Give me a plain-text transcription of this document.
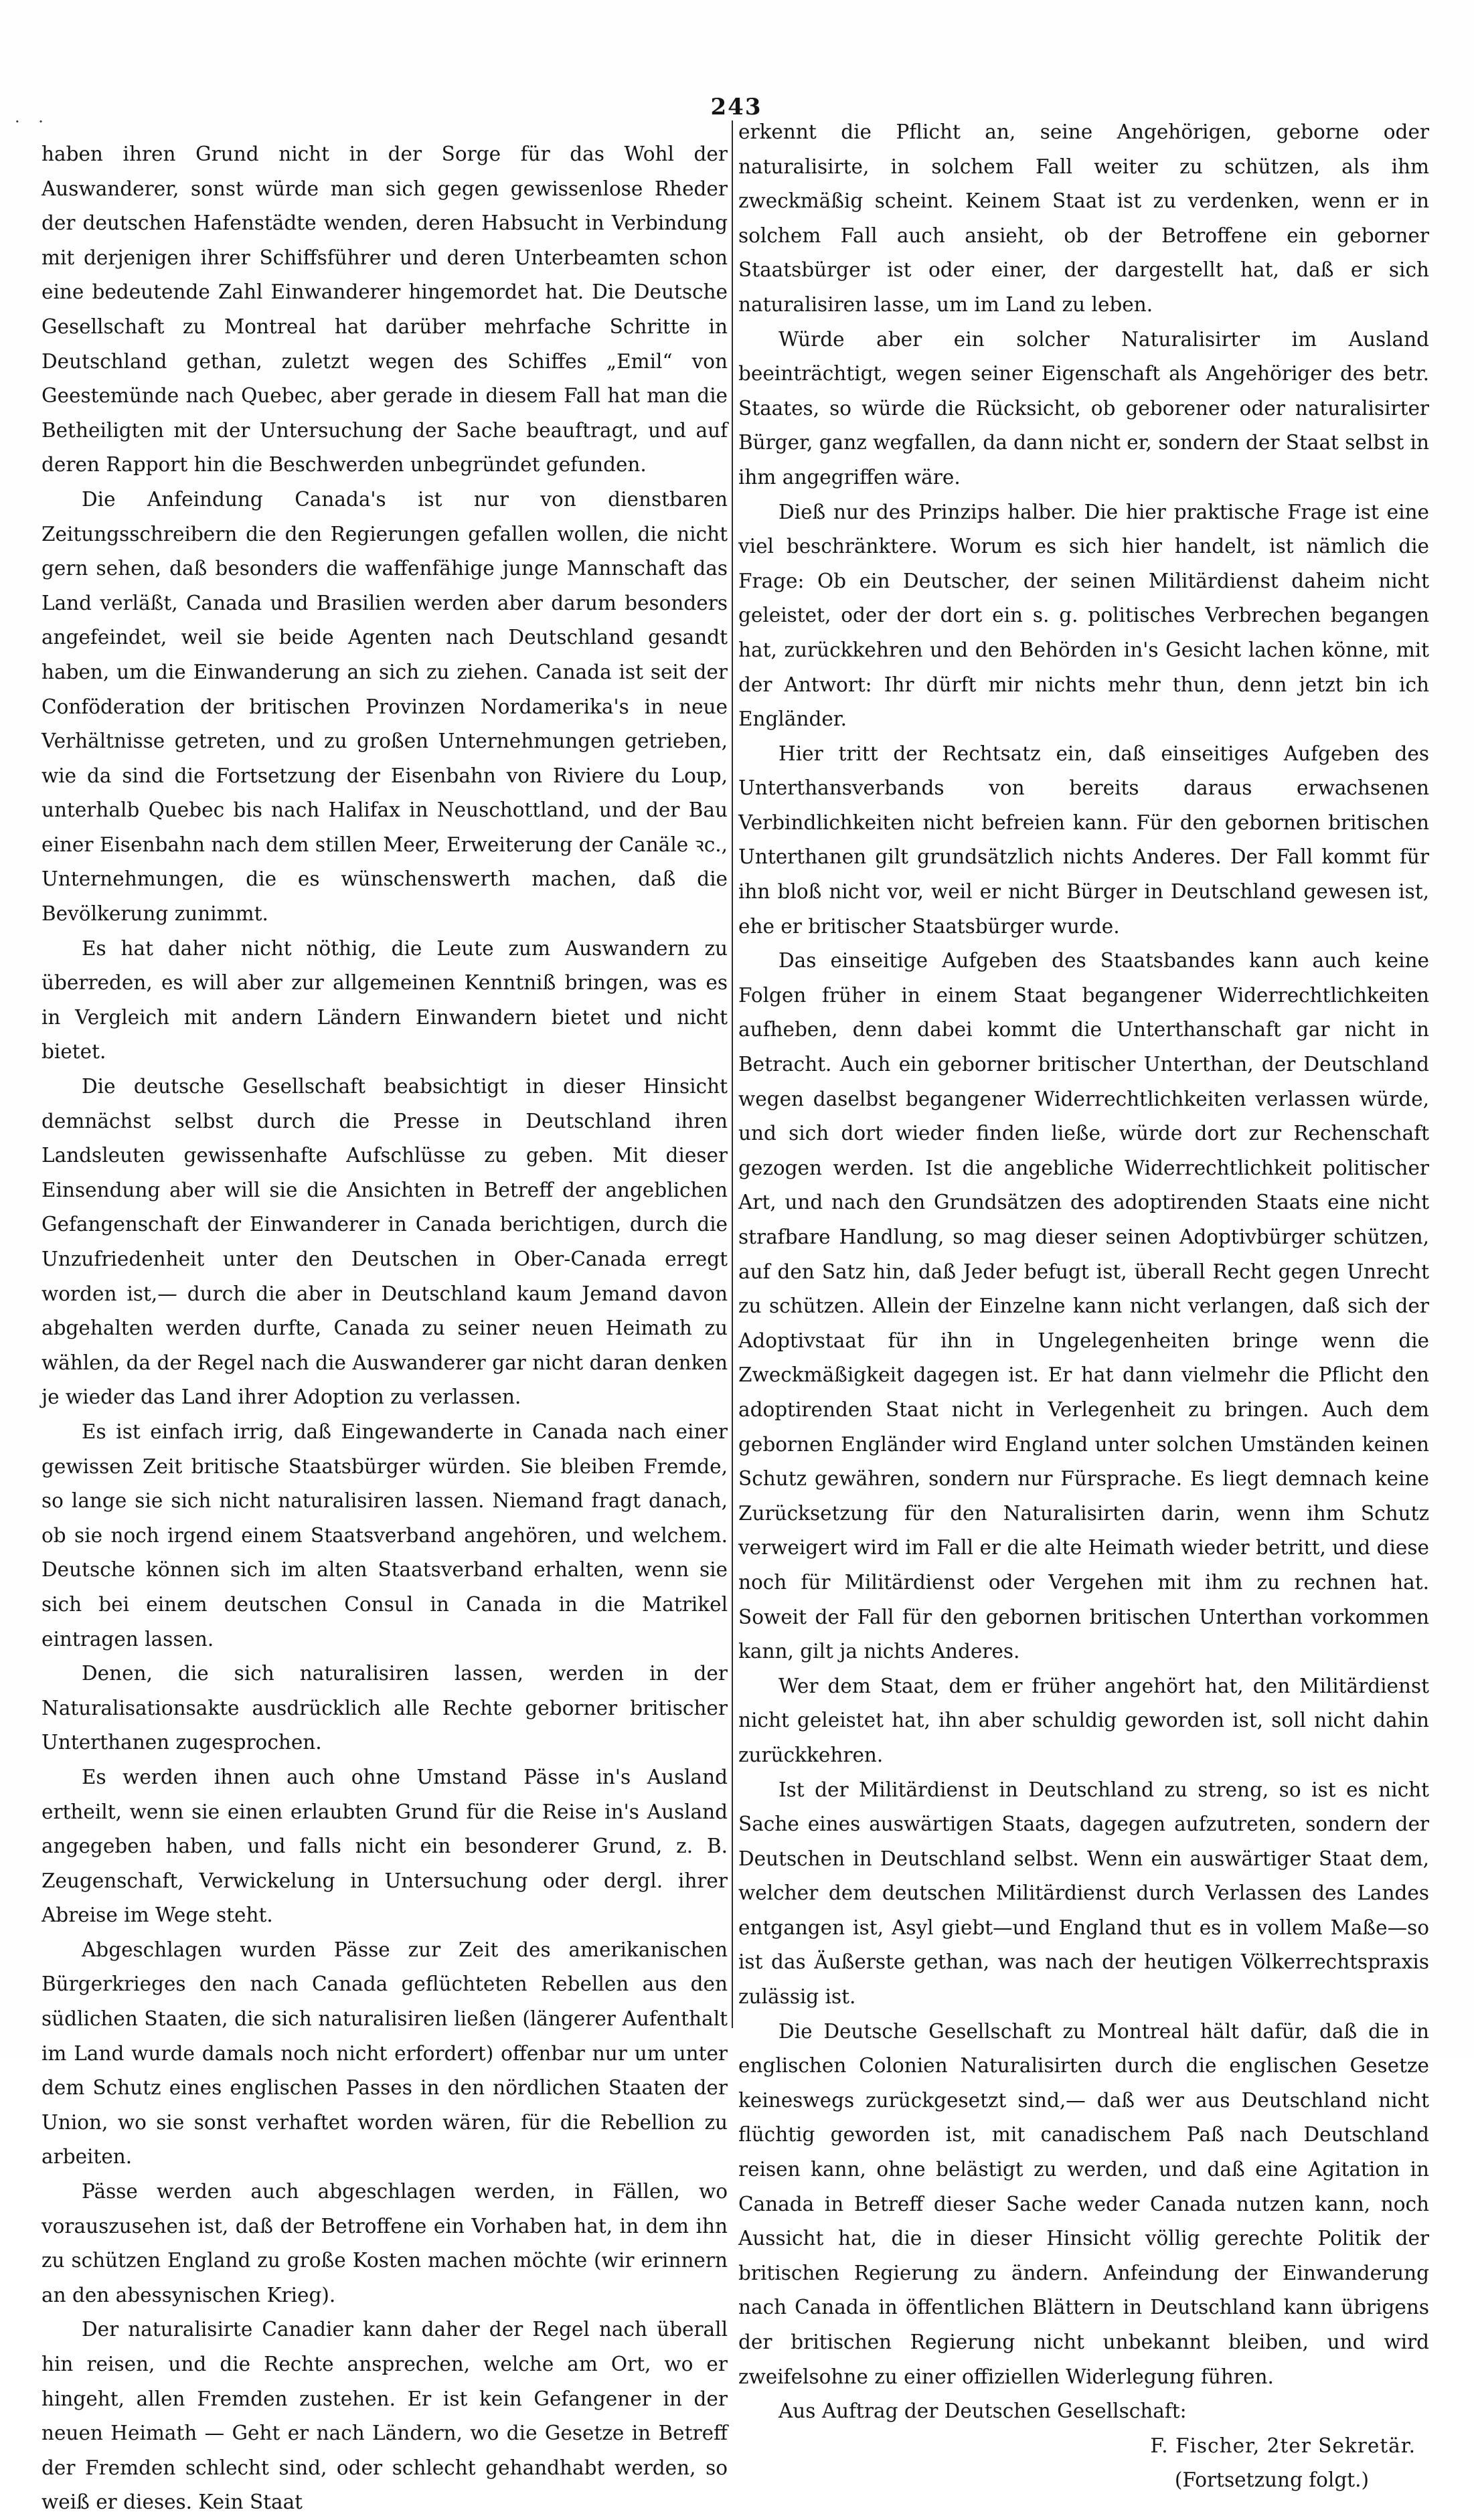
· ·
243

haben ihren Grund nicht in der Sorge für das Wohl der Auswanderer, sonst würde man sich gegen gewissenlose Rheder der deutschen Hafenstädte wenden, deren Habsucht in Verbindung mit derjenigen ihrer Schiffsführer und deren Unterbeamten schon eine bedeutende Zahl Einwanderer hingemordet hat. Die Deutsche Gesellschaft zu Montreal hat darüber mehrfache Schritte in Deutschland gethan, zuletzt wegen des Schiffes „Emil“ von Geestemünde nach Quebec, aber gerade in diesem Fall hat man die Betheiligten mit der Untersuchung der Sache beauftragt, und auf deren Rapport hin die Beschwerden unbegründet gefunden.

Die Anfeindung Canada's ist nur von dienstbaren Zeitungsschreibern die den Regierungen gefallen wollen, die nicht gern sehen, daß besonders die waffenfähige junge Mannschaft das Land verläßt, Canada und Brasilien werden aber darum besonders angefeindet, weil sie beide Agenten nach Deutschland gesandt haben, um die Einwanderung an sich zu ziehen. Canada ist seit der Conföderation der britischen Provinzen Nordamerika's in neue Verhältnisse getreten, und zu großen Unternehmungen getrieben, wie da sind die Fortsetzung der Eisenbahn von Riviere du Loup, unterhalb Quebec bis nach Halifax in Neuschottland, und der Bau einer Eisenbahn nach dem stillen Meer, Erweiterung der Canäle ꝛc., Unternehmungen, die es wünschenswerth machen, daß die Bevölkerung zunimmt.

Es hat daher nicht nöthig, die Leute zum Auswandern zu überreden, es will aber zur allgemeinen Kenntniß bringen, was es in Vergleich mit andern Ländern Einwandern bietet und nicht bietet.

Die deutsche Gesellschaft beabsichtigt in dieser Hinsicht demnächst selbst durch die Presse in Deutschland ihren Landsleuten gewissenhafte Aufschlüsse zu geben. Mit dieser Einsendung aber will sie die Ansichten in Betreff der angeblichen Gefangenschaft der Einwanderer in Canada berichtigen, durch die Unzufriedenheit unter den Deutschen in Ober-Canada erregt worden ist,— durch die aber in Deutschland kaum Jemand davon abgehalten werden durfte, Canada zu seiner neuen Heimath zu wählen, da der Regel nach die Auswanderer gar nicht daran denken je wieder das Land ihrer Adoption zu verlassen.

Es ist einfach irrig, daß Eingewanderte in Canada nach einer gewissen Zeit britische Staatsbürger würden. Sie bleiben Fremde, so lange sie sich nicht naturalisiren lassen. Niemand fragt danach, ob sie noch irgend einem Staatsverband angehören, und welchem. Deutsche können sich im alten Staatsverband erhalten, wenn sie sich bei einem deutschen Consul in Canada in die Matrikel eintragen lassen.

Denen, die sich naturalisiren lassen, werden in der Naturalisationsakte ausdrücklich alle Rechte geborner britischer Unterthanen zugesprochen.

Es werden ihnen auch ohne Umstand Pässe in's Ausland ertheilt, wenn sie einen erlaubten Grund für die Reise in's Ausland angegeben haben, und falls nicht ein besonderer Grund, z. B. Zeugenschaft, Verwickelung in Untersuchung oder dergl. ihrer Abreise im Wege steht.

Abgeschlagen wurden Pässe zur Zeit des amerikanischen Bürgerkrieges den nach Canada geflüchteten Rebellen aus den südlichen Staaten, die sich naturalisiren ließen (längerer Aufenthalt im Land wurde damals noch nicht erfordert) offenbar nur um unter dem Schutz eines englischen Passes in den nördlichen Staaten der Union, wo sie sonst verhaftet worden wären, für die Rebellion zu arbeiten.

Pässe werden auch abgeschlagen werden, in Fällen, wo vorauszusehen ist, daß der Betroffene ein Vorhaben hat, in dem ihn zu schützen England zu große Kosten machen möchte (wir erinnern an den abessynischen Krieg).

Der naturalisirte Canadier kann daher der Regel nach überall hin reisen, und die Rechte ansprechen, welche am Ort, wo er hingeht, allen Fremden zustehen. Er ist kein Gefangener in der neuen Heimath — Geht er nach Ländern, wo die Gesetze in Betreff der Fremden schlecht sind, oder schlecht gehandhabt werden, so weiß er dieses. Kein Staat

erkennt die Pflicht an, seine Angehörigen, geborne oder naturalisirte, in solchem Fall weiter zu schützen, als ihm zweckmäßig scheint. Keinem Staat ist zu verdenken, wenn er in solchem Fall auch ansieht, ob der Betroffene ein geborner Staatsbürger ist oder einer, der dargestellt hat, daß er sich naturalisiren lasse, um im Land zu leben.

Würde aber ein solcher Naturalisirter im Ausland beeinträchtigt, wegen seiner Eigenschaft als Angehöriger des betr. Staates, so würde die Rücksicht, ob geborener oder naturalisirter Bürger, ganz wegfallen, da dann nicht er, sondern der Staat selbst in ihm angegriffen wäre.

Dieß nur des Prinzips halber. Die hier praktische Frage ist eine viel beschränktere. Worum es sich hier handelt, ist nämlich die Frage: Ob ein Deutscher, der seinen Militärdienst daheim nicht geleistet, oder der dort ein s. g. politisches Verbrechen begangen hat, zurückkehren und den Behörden in's Gesicht lachen könne, mit der Antwort: Ihr dürft mir nichts mehr thun, denn jetzt bin ich Engländer.

Hier tritt der Rechtsatz ein, daß einseitiges Aufgeben des Unterthansverbands von bereits daraus erwachsenen Verbindlichkeiten nicht befreien kann. Für den gebornen britischen Unterthanen gilt grundsätzlich nichts Anderes. Der Fall kommt für ihn bloß nicht vor, weil er nicht Bürger in Deutschland gewesen ist, ehe er britischer Staatsbürger wurde.

Das einseitige Aufgeben des Staatsbandes kann auch keine Folgen früher in einem Staat begangener Widerrechtlichkeiten aufheben, denn dabei kommt die Unterthanschaft gar nicht in Betracht. Auch ein geborner britischer Unterthan, der Deutschland wegen daselbst begangener Widerrechtlichkeiten verlassen würde, und sich dort wieder finden ließe, würde dort zur Rechenschaft gezogen werden. Ist die angebliche Widerrechtlichkeit politischer Art, und nach den Grundsätzen des adoptirenden Staats eine nicht strafbare Handlung, so mag dieser seinen Adoptivbürger schützen, auf den Satz hin, daß Jeder befugt ist, überall Recht gegen Unrecht zu schützen. Allein der Einzelne kann nicht verlangen, daß sich der Adoptivstaat für ihn in Ungelegenheiten bringe wenn die Zweckmäßigkeit dagegen ist. Er hat dann vielmehr die Pflicht den adoptirenden Staat nicht in Verlegenheit zu bringen. Auch dem gebornen Engländer wird England unter solchen Umständen keinen Schutz gewähren, sondern nur Fürsprache. Es liegt demnach keine Zurücksetzung für den Naturalisirten darin, wenn ihm Schutz verweigert wird im Fall er die alte Heimath wieder betritt, und diese noch für Militärdienst oder Vergehen mit ihm zu rechnen hat. Soweit der Fall für den gebornen britischen Unterthan vorkommen kann, gilt ja nichts Anderes.

Wer dem Staat, dem er früher angehört hat, den Militärdienst nicht geleistet hat, ihn aber schuldig geworden ist, soll nicht dahin zurückkehren.

Ist der Militärdienst in Deutschland zu streng, so ist es nicht Sache eines auswärtigen Staats, dagegen aufzutreten, sondern der Deutschen in Deutschland selbst. Wenn ein auswärtiger Staat dem, welcher dem deutschen Militärdienst durch Verlassen des Landes entgangen ist, Asyl giebt—und England thut es in vollem Maße—so ist das Äußerste gethan, was nach der heutigen Völkerrechtspraxis zulässig ist.

Die Deutsche Gesellschaft zu Montreal hält dafür, daß die in englischen Colonien Naturalisirten durch die englischen Gesetze keineswegs zurückgesetzt sind,— daß wer aus Deutschland nicht flüchtig geworden ist, mit canadischem Paß nach Deutschland reisen kann, ohne belästigt zu werden, und daß eine Agitation in Canada in Betreff dieser Sache weder Canada nutzen kann, noch Aussicht hat, die in dieser Hinsicht völlig gerechte Politik der britischen Regierung zu ändern. Anfeindung der Einwanderung nach Canada in öffentlichen Blättern in Deutschland kann übrigens der britischen Regierung nicht unbekannt bleiben, und wird zweifelsohne zu einer offiziellen Widerlegung führen.

Aus Auftrag der Deutschen Gesellschaft:

F. Fischer, 2ter Sekretär.

(Fortsetzung folgt.)
